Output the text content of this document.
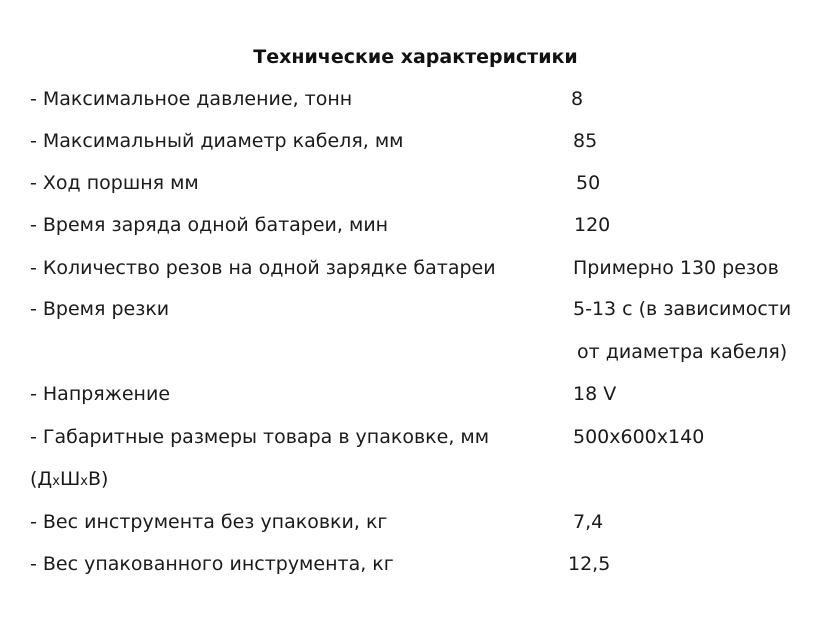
Технические характеристики
- Максимальное давление, тонн	8
- Максимальный диаметр кабеля, мм	85
- Ход поршня мм	50
- Время заряда одной батареи, мин	120
- Количество резов на одной зарядке батареи	Примерно 130 резов
- Время резки	5-13 с (в зависимости
от диаметра кабеля)
- Напряжение	18 V
- Габаритные размеры товара в упаковке, мм	500х600х140
(ДхШхВ)
- Вес инструмента без упаковки, кг	7,4
- Вес упакованного инструмента, кг	12,5
